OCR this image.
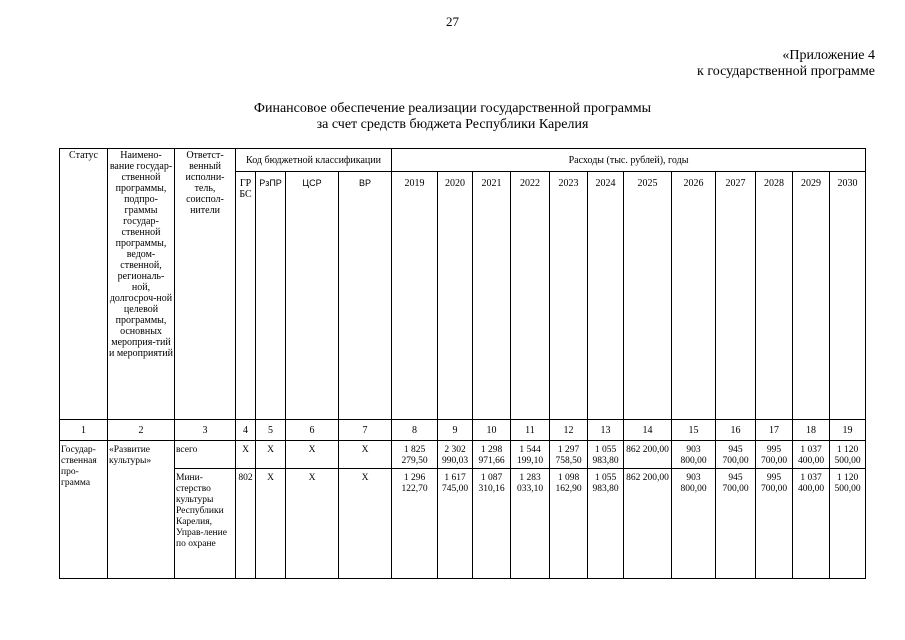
27
«Приложение 4
к государственной программе
Финансовое обеспечение реализации государственной программы
за счет средств бюджета Республики Карелия
Статус	Наимено-вание государ-ственной программы, подпро-граммы государ-ственной программы, ведом-ственной, региональ-ной, долгосроч-ной целевой программы, основных мероприя-тий и мероприятий	Ответст-венный исполни-тель, соиспол-нители	Код бюджетной классификации				Расходы (тыс. рублей), годы											
			ГР БС	РзПР	ЦСР	ВР	2019	2020	2021	2022	2023	2024	2025	2026	2027	2028	2029	2030
1	2	3	4	5	6	7	8	9	10	11	12	13	14	15	16	17	18	19
Государ-ственная про-грамма	«Развитие культуры»	всего	Х	Х	Х	Х	1 825 279,50	2 302 990,03	1 298 971,66	1 544 199,10	1 297 758,50	1 055 983,80	862 200,00	903 800,00	945 700,00	995 700,00	1 037 400,00	1 120 500,00
		Мини-стерство культуры Республики Карелия, Управ-ление по охране	802	Х	Х	Х	1 296 122,70	1 617 745,00	1 087 310,16	1 283 033,10	1 098 162,90	1 055 983,80	862 200,00	903 800,00	945 700,00	995 700,00	1 037 400,00	1 120 500,00
